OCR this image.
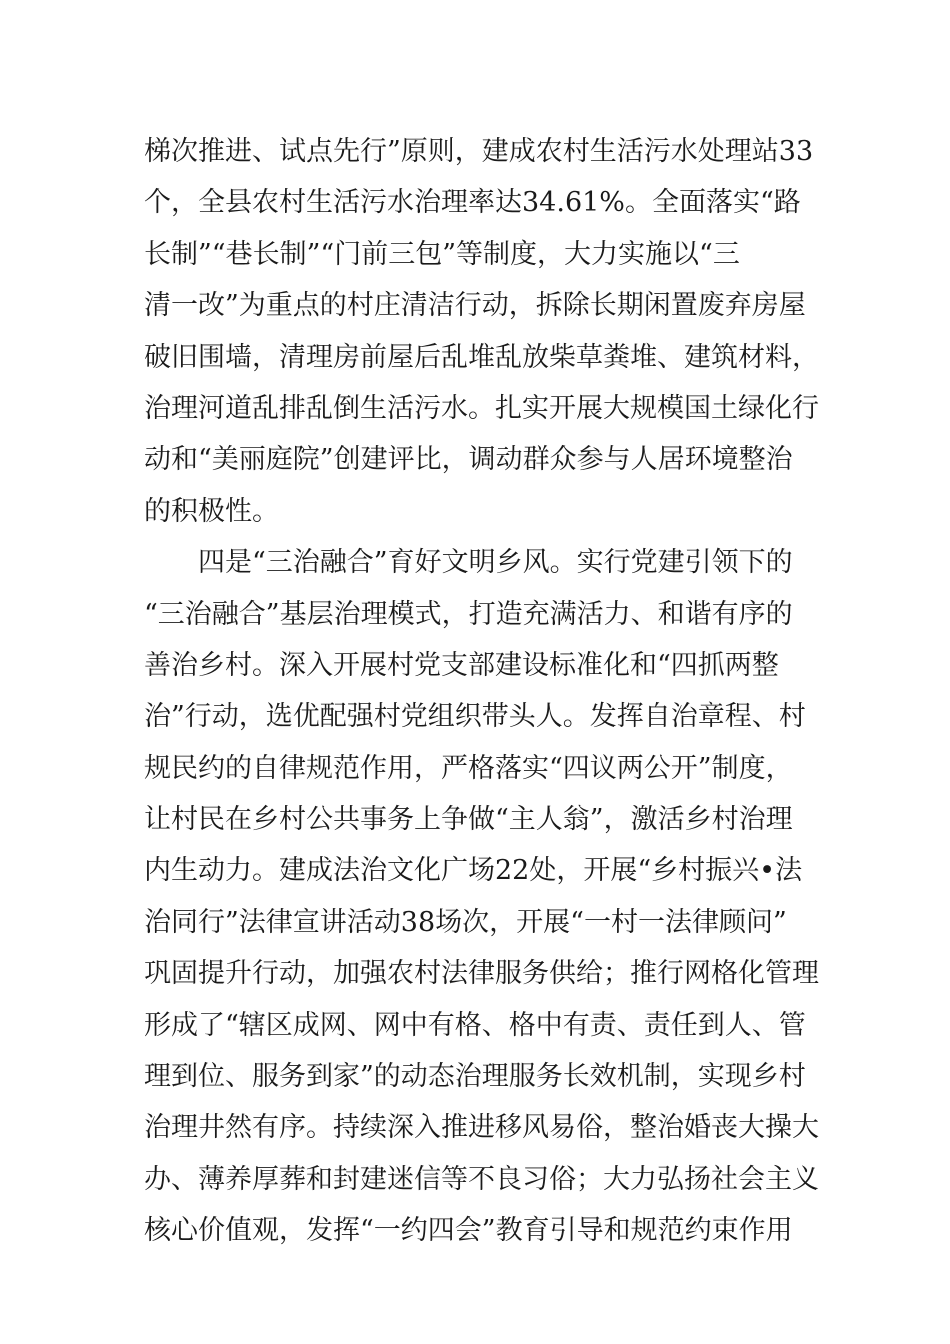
梯次推进、试点先行”原则，建成农村生活污水处理站33
个，全县农村生活污水治理率达34.61%。全面落实“路
长制”“巷长制”“门前三包”等制度，大力实施以“三
清一改”为重点的村庄清洁行动，拆除长期闲置废弃房屋
破旧围墙，清理房前屋后乱堆乱放柴草粪堆、建筑材料，
治理河道乱排乱倒生活污水。扎实开展大规模国土绿化行
动和“美丽庭院”创建评比，调动群众参与人居环境整治
的积极性。
四是“三治融合”育好文明乡风。实行党建引领下的
“三治融合”基层治理模式，打造充满活力、和谐有序的
善治乡村。深入开展村党支部建设标准化和“四抓两整
治”行动，选优配强村党组织带头人。发挥自治章程、村
规民约的自律规范作用，严格落实“四议两公开”制度，
让村民在乡村公共事务上争做“主人翁”，激活乡村治理
内生动力。建成法治文化广场22处，开展“乡村振兴•法
治同行”法律宣讲活动38场次，开展“一村一法律顾问”
巩固提升行动，加强农村法律服务供给；推行网格化管理
形成了“辖区成网、网中有格、格中有责、责任到人、管
理到位、服务到家”的动态治理服务长效机制，实现乡村
治理井然有序。持续深入推进移风易俗，整治婚丧大操大
办、薄养厚葬和封建迷信等不良习俗；大力弘扬社会主义
核心价值观，发挥“一约四会”教育引导和规范约束作用
